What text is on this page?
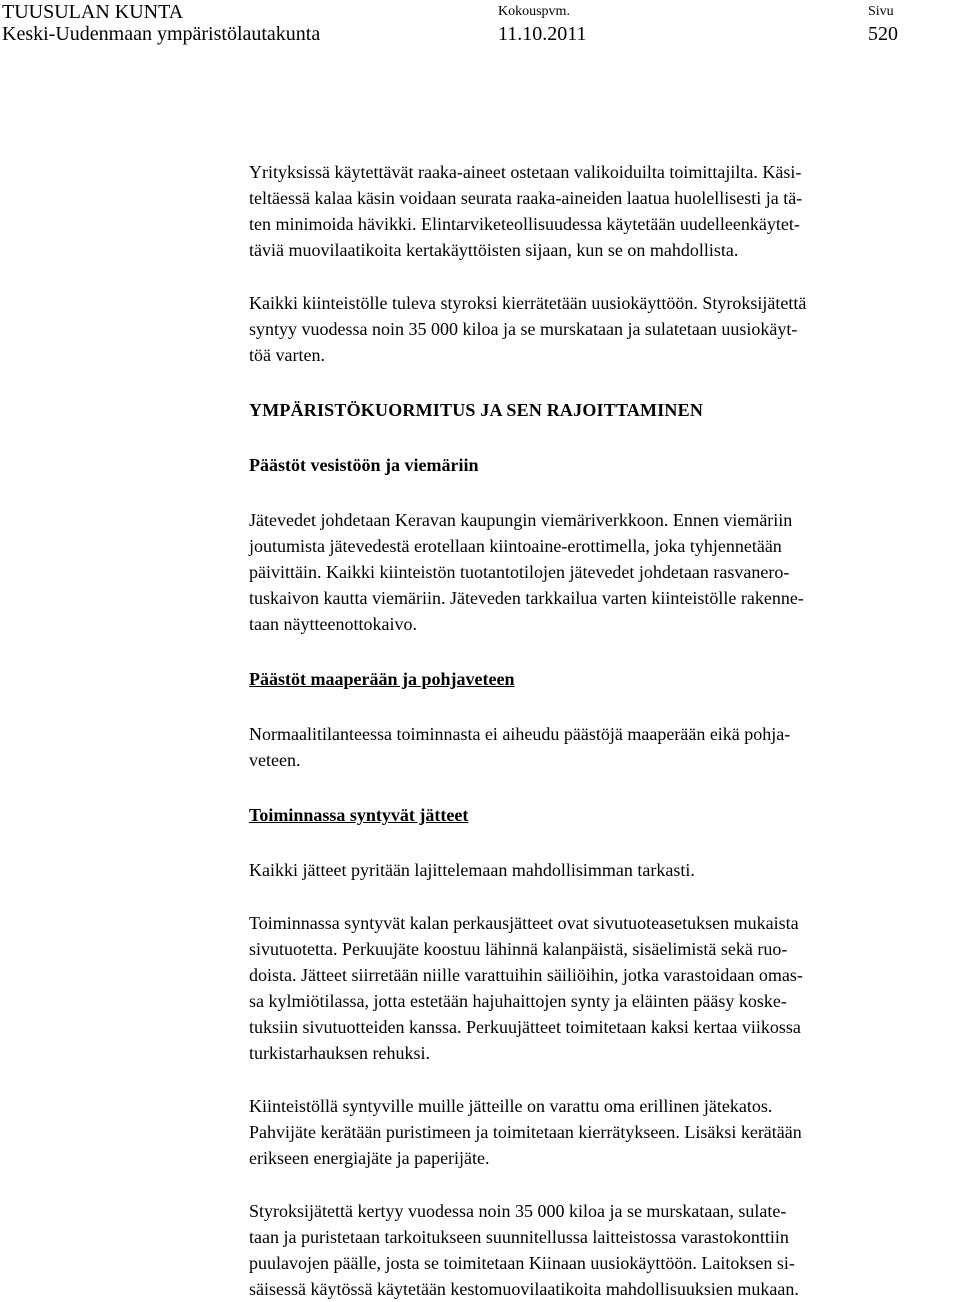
TUUSULAN KUNTA
Keski-Uudenmaan ympäristölautakunta
Kokouspvm.
11.10.2011
Sivu
520

Yrityksissä käytettävät raaka-aineet ostetaan valikoiduilta toimittajilta. Käsi-
teltäessä kalaa käsin voidaan seurata raaka-aineiden laatua huolellisesti ja tä-
ten minimoida hävikki. Elintarviketeollisuudessa käytetään uudelleenkäytet-
täviä muovilaatikoita kertakäyttöisten sijaan, kun se on mahdollista.

Kaikki kiinteistölle tuleva styroksi kierrätetään uusiokäyttöön. Styroksijätettä
syntyy vuodessa noin 35 000 kiloa ja se murskataan ja sulatetaan uusiokäyt-
töä varten.

YMPÄRISTÖKUORMITUS JA SEN RAJOITTAMINEN

Päästöt vesistöön ja viemäriin

Jätevedet johdetaan Keravan kaupungin viemäriverkkoon. Ennen viemäriin
joutumista jätevedestä erotellaan kiintoaine-erottimella, joka tyhjennetään
päivittäin. Kaikki kiinteistön tuotantotilojen jätevedet johdetaan rasvanero-
tuskaivon kautta viemäriin. Jäteveden tarkkailua varten kiinteistölle rakenne-
taan näytteenottokaivo.

Päästöt maaperään ja pohjaveteen

Normaalitilanteessa toiminnasta ei aiheudu päästöjä maaperään eikä pohja-
veteen.

Toiminnassa syntyvät jätteet

Kaikki jätteet pyritään lajittelemaan mahdollisimman tarkasti.

Toiminnassa syntyvät kalan perkausjätteet ovat sivutuoteasetuksen mukaista
sivutuotetta. Perkuujäte koostuu lähinnä kalanpäistä, sisäelimistä sekä ruo-
doista. Jätteet siirretään niille varattuihin säiliöihin, jotka varastoidaan omas-
sa kylmiötilassa, jotta estetään hajuhaittojen synty ja eläinten pääsy koske-
tuksiin sivutuotteiden kanssa. Perkuujätteet toimitetaan kaksi kertaa viikossa
turkistarhauksen rehuksi.

Kiinteistöllä syntyville muille jätteille on varattu oma erillinen jätekatos.
Pahvijäte kerätään puristimeen ja toimitetaan kierrätykseen. Lisäksi kerätään
erikseen energiajäte ja paperijäte.

Styroksijätettä kertyy vuodessa noin 35 000 kiloa ja se murskataan, sulate-
taan ja puristetaan tarkoitukseen suunnitellussa laitteistossa varastokonttiin
puulavojen päälle, josta se toimitetaan Kiinaan uusiokäyttöön. Laitoksen si-
säisessä käytössä käytetään kestomuovilaatikoita mahdollisuuksien mukaan.
